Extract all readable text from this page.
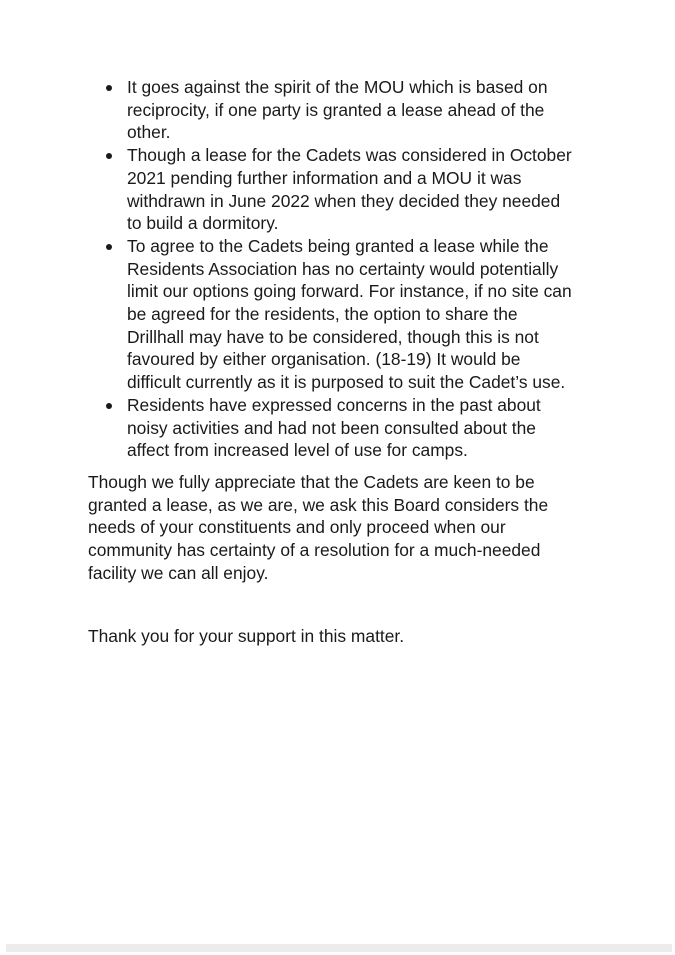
It goes against the spirit of the MOU which is based on
reciprocity, if one party is granted a lease ahead of the
other.
Though a lease for the Cadets was considered in October
2021 pending further information and a MOU it was
withdrawn in June 2022 when they decided they needed
to build a dormitory.
To agree to the Cadets being granted a lease while the
Residents Association has no certainty would potentially
limit our options going forward. For instance, if no site can
be agreed for the residents, the option to share the
Drillhall may have to be considered, though this is not
favoured by either organisation. (18-19) It would be
difficult currently as it is purposed to suit the Cadet’s use.
Residents have expressed concerns in the past about
noisy activities and had not been consulted about the
affect from increased level of use for camps.

Though we fully appreciate that the Cadets are keen to be
granted a lease, as we are, we ask this Board considers the
needs of your constituents and only proceed when our
community has certainty of a resolution for a much-needed
facility we can all enjoy.

Thank you for your support in this matter.
